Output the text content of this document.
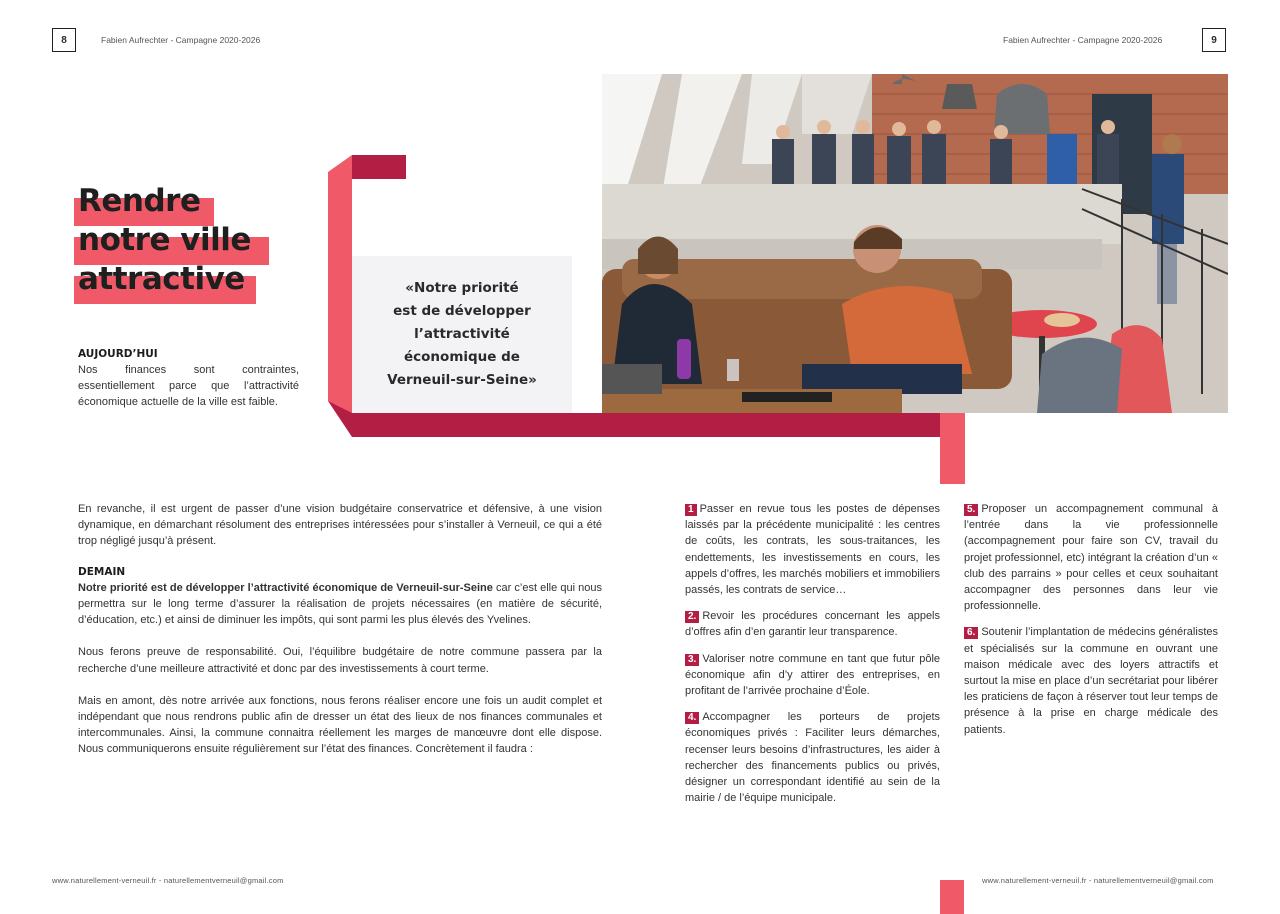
8	Fabien Aufrechter - Campagne 2020-2026	Fabien Aufrechter - Campagne 2020-2026	9
Rendre
notre ville
attractive
AUJOURD’HUI
Nos finances sont contraintes, essentiellement parce que l’attractivité économique actuelle de la ville est faible.
«Notre priorité
est de développer
l’attractivité
économique de
Verneuil-sur-Seine»
En revanche, il est urgent de passer d’une vision budgétaire conservatrice et défensive, à une vision dynamique, en démarchant résolument des entreprises intéressées pour s’installer à Verneuil, ce qui a été trop négligé jusqu’à présent.
DEMAIN
Notre priorité est de développer l’attractivité économique de Verneuil-sur-Seine car c’est elle qui nous permettra sur le long terme d’assurer la réalisation de projets nécessaires (en matière de sécurité, d’éducation, etc.) et ainsi de diminuer les impôts, qui sont parmi les plus élevés des Yvelines.
Nous ferons preuve de responsabilité. Oui, l’équilibre budgétaire de notre commune passera par la recherche d’une meilleure attractivité et donc par des investissements à court terme.
Mais en amont, dès notre arrivée aux fonctions, nous ferons réaliser encore une fois un audit complet et indépendant que nous rendrons public afin de dresser un état des lieux de nos finances communales et intercommunales. Ainsi, la commune connaitra réellement les marges de manœuvre dont elle dispose. Nous communiquerons ensuite régulièrement sur l’état des finances. Concrètement il faudra :
1 Passer en revue tous les postes de dépenses laissés par la précédente municipalité : les centres de coûts, les contrats, les sous-traitances, les endettements, les investissements en cours, les appels d’offres, les marchés mobiliers et immobiliers passés, les contrats de service…
2. Revoir les procédures concernant les appels d’offres afin d’en garantir leur transparence.
3. Valoriser notre commune en tant que futur pôle économique afin d’y attirer des entreprises, en profitant de l’arrivée prochaine d’Éole.
4. Accompagner les porteurs de projets économiques privés : Faciliter leurs démarches, recenser leurs besoins d’infrastructures, les aider à rechercher des financements publics ou privés, désigner un correspondant identifié au sein de la mairie / de l’équipe municipale.
5. Proposer un accompagnement communal à l’entrée dans la vie professionnelle (accompagnement pour faire son CV, travail du projet professionnel, etc) intégrant la création d’un « club des parrains » pour celles et ceux souhaitant accompagner des personnes dans leur vie professionnelle.
6. Soutenir l’implantation de médecins généralistes et spécialisés sur la commune en ouvrant une maison médicale avec des loyers attractifs et surtout la mise en place d’un secrétariat pour libérer les praticiens de façon à réserver tout leur temps de présence à la prise en charge médicale des patients.
www.naturellement-verneuil.fr - naturellementverneuil@gmail.com	www.naturellement-verneuil.fr - naturellementverneuil@gmail.com
